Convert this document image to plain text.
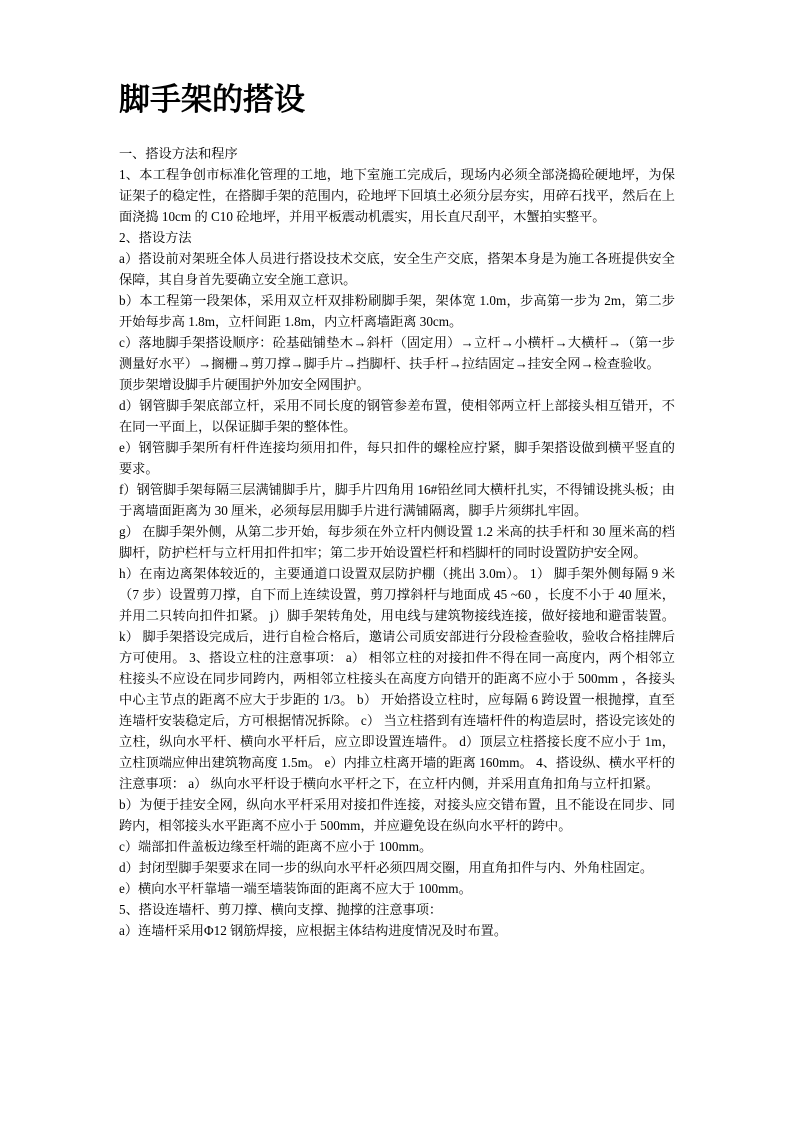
脚手架的搭设

一、搭设方法和程序

1、本工程争创市标准化管理的工地，地下室施工完成后，现场内必须全部浇捣砼硬地坪，为保证架子的稳定性，在搭脚手架的范围内，砼地坪下回填土必须分层夯实，用碎石找平，然后在上面浇捣 10cm 的 C10 砼地坪，并用平板震动机震实，用长直尺刮平，木蟹拍实整平。

2、搭设方法

a）搭设前对架班全体人员进行搭设技术交底，安全生产交底，搭架本身是为施工各班提供安全保障，其自身首先要确立安全施工意识。

b）本工程第一段架体，采用双立杆双排粉刷脚手架，架体宽 1.0m，步高第一步为 2m，第二步开始每步高 1.8m，立杆间距 1.8m，内立杆离墙距离 30cm。

c）落地脚手架搭设顺序：砼基础铺垫木→斜杆（固定用）→立杆→小横杆→大横杆→（第一步测量好水平）→搁栅→剪刀撑→脚手片→挡脚杆、扶手杆→拉结固定→挂安全网→检查验收。

顶步架增设脚手片硬围护外加安全网围护。

d）钢管脚手架底部立杆，采用不同长度的钢管参差布置，使相邻两立杆上部接头相互错开，不在同一平面上，以保证脚手架的整体性。

e）钢管脚手架所有杆件连接均须用扣件，每只扣件的螺栓应拧紧，脚手架搭设做到横平竖直的要求。

f）钢管脚手架每隔三层满铺脚手片，脚手片四角用 16#铅丝同大横杆扎实，不得铺设挑头板；由于离墙面距离为 30 厘米，必须每层用脚手片进行满铺隔离，脚手片须绑扎牢固。

g） 在脚手架外侧，从第二步开始，每步须在外立杆内侧设置 1.2 米高的扶手杆和 30 厘米高的档脚杆，防护栏杆与立杆用扣件扣牢；第二步开始设置栏杆和档脚杆的同时设置防护安全网。

h）在南边离架体较近的，主要通道口设置双层防护棚（挑出 3.0m）。 1） 脚手架外侧每隔 9 米（7 步）设置剪刀撑，自下而上连续设置，剪刀撑斜杆与地面成 45 ~60 ，长度不小于 40 厘米，并用二只转向扣件扣紧。 j）脚手架转角处，用电线与建筑物接线连接，做好接地和避雷装置。 k） 脚手架搭设完成后，进行自检合格后，邀请公司质安部进行分段检查验收，验收合格挂牌后方可使用。 3、搭设立柱的注意事项： a） 相邻立柱的对接扣件不得在同一高度内，两个相邻立柱接头不应设在同步同跨内，两相邻立柱接头在高度方向错开的距离不应小于 500mm ，各接头中心主节点的距离不应大于步距的 1/3。 b） 开始搭设立柱时，应每隔 6 跨设置一根抛撑，直至连墙杆安装稳定后，方可根据情况拆除。 c） 当立柱搭到有连墙杆件的构造层时，搭设完该处的立柱，纵向水平杆、横向水平杆后，应立即设置连墙件。 d）顶层立柱搭接长度不应小于 1m，立柱顶端应伸出建筑物高度 1.5m。 e）内排立柱离开墙的距离 160mm。 4、搭设纵、横水平杆的注意事项： a） 纵向水平杆设于横向水平杆之下，在立杆内侧，并采用直角扣角与立杆扣紧。

b）为便于挂安全网，纵向水平杆采用对接扣件连接，对接头应交错布置，且不能设在同步、同跨内，相邻接头水平距离不应小于 500mm，并应避免设在纵向水平杆的跨中。

c）端部扣件盖板边缘至杆端的距离不应小于 100mm。

d）封闭型脚手架要求在同一步的纵向水平杆必须四周交圈，用直角扣件与内、外角柱固定。

e）横向水平杆靠墙一端至墙装饰面的距离不应大于 100mm。

5、搭设连墙杆、剪刀撑、横向支撑、抛撑的注意事项：

a）连墙杆采用Φ12 钢筋焊接，应根据主体结构进度情况及时布置。
